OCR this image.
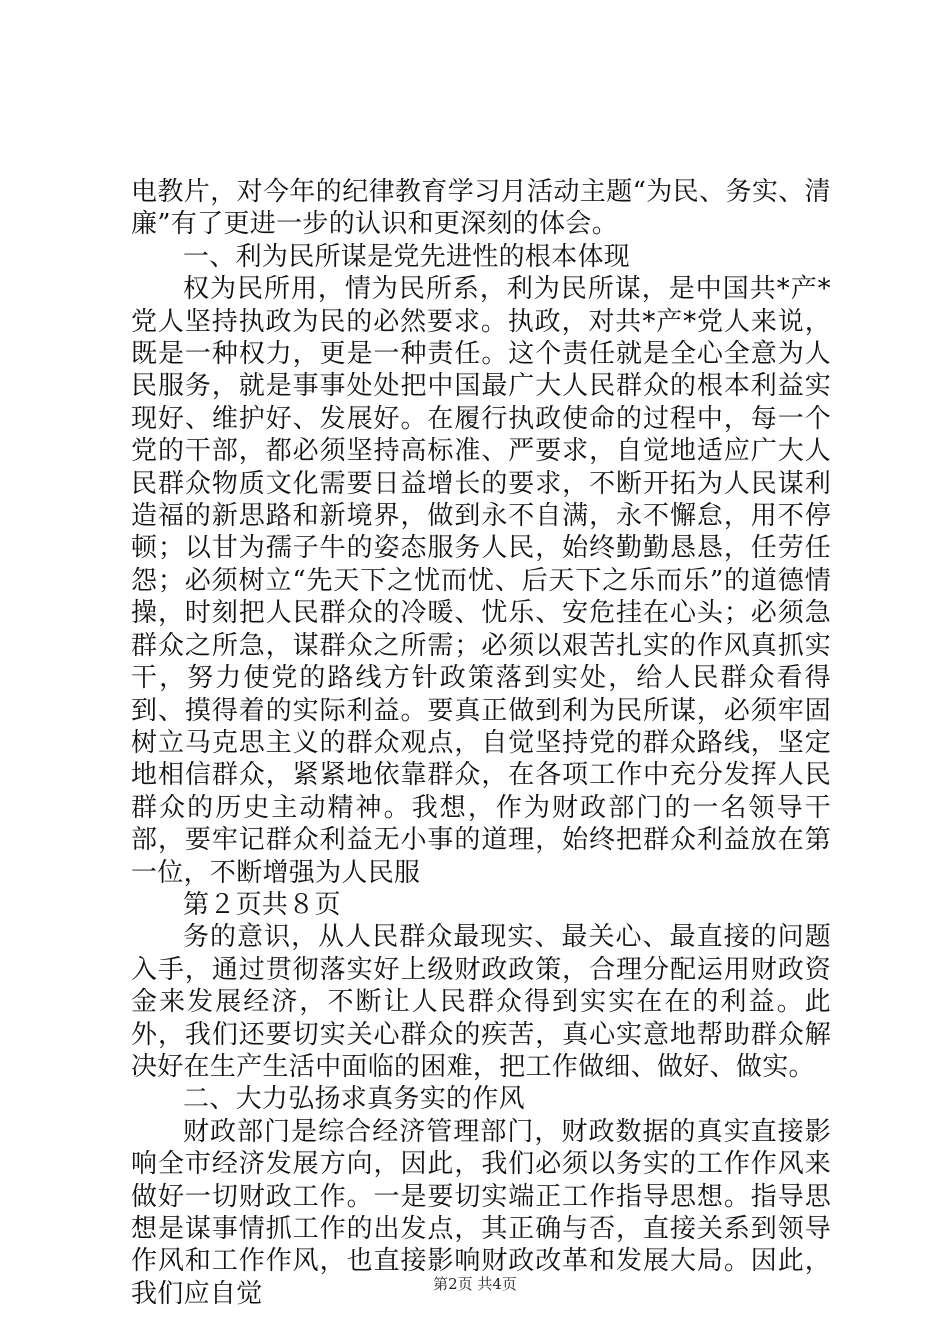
电教片，对今年的纪律教育学习月活动主题“为民、务实、清廉”有了更进一步的认识和更深刻的体会。

一、利为民所谋是党先进性的根本体现

权为民所用，情为民所系，利为民所谋，是中国共*产*党人坚持执政为民的必然要求。执政，对共*产*党人来说，既是一种权力，更是一种责任。这个责任就是全心全意为人民服务，就是事事处处把中国最广大人民群众的根本利益实现好、维护好、发展好。在履行执政使命的过程中，每一个党的干部，都必须坚持高标准、严要求，自觉地适应广大人民群众物质文化需要日益增长的要求，不断开拓为人民谋利造福的新思路和新境界，做到永不自满，永不懈怠，用不停顿；以甘为孺子牛的姿态服务人民，始终勤勤恳恳，任劳任怨；必须树立“先天下之忧而忧、后天下之乐而乐”的道德情操，时刻把人民群众的冷暖、忧乐、安危挂在心头；必须急群众之所急，谋群众之所需；必须以艰苦扎实的作风真抓实干，努力使党的路线方针政策落到实处，给人民群众看得到、摸得着的实际利益。要真正做到利为民所谋，必须牢固树立马克思主义的群众观点，自觉坚持党的群众路线，坚定地相信群众，紧紧地依靠群众，在各项工作中充分发挥人民群众的历史主动精神。我想，作为财政部门的一名领导干部，要牢记群众利益无小事的道理，始终把群众利益放在第一位，不断增强为人民服

第２页共８页

务的意识，从人民群众最现实、最关心、最直接的问题入手，通过贯彻落实好上级财政政策，合理分配运用财政资金来发展经济，不断让人民群众得到实实在在的利益。此外，我们还要切实关心群众的疾苦，真心实意地帮助群众解决好在生产生活中面临的困难，把工作做细、做好、做实。

二、大力弘扬求真务实的作风

财政部门是综合经济管理部门，财政数据的真实直接影响全市经济发展方向，因此，我们必须以务实的工作作风来做好一切财政工作。一是要切实端正工作指导思想。指导思想是谋事情抓工作的出发点，其正确与否，直接关系到领导作风和工作作风，也直接影响财政改革和发展大局。因此，我们应自觉	第2页 共4页
